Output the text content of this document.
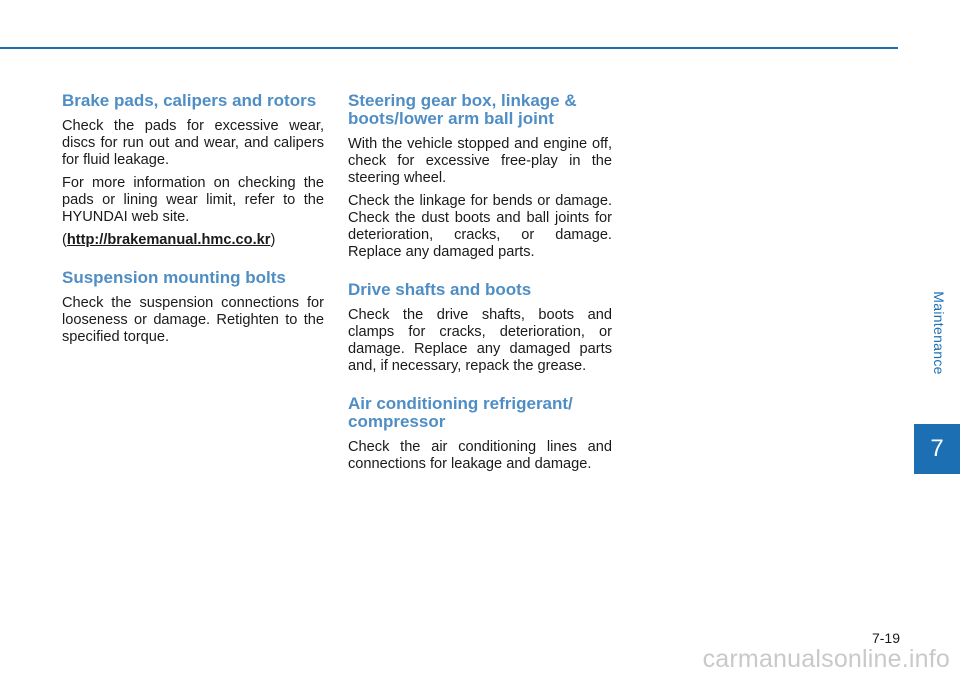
Brake pads, calipers and rotors

Check the pads for excessive wear, discs for run out and wear, and calipers for fluid leakage.

For more information on checking the pads or lining wear limit, refer to the HYUNDAI web site.

(http://brakemanual.hmc.co.kr)

Suspension mounting bolts

Check the suspension connections for looseness or damage. Retighten to the specified torque.

Steering gear box, linkage & boots/lower arm ball joint

With the vehicle stopped and engine off, check for excessive free-play in the steering wheel.

Check the linkage for bends or damage. Check the dust boots and ball joints for deterioration, cracks, or damage. Replace any damaged parts.

Drive shafts and boots

Check the drive shafts, boots and clamps for cracks, deterioration, or damage. Replace any damaged parts and, if necessary, repack the grease.

Air conditioning refrigerant/ compressor

Check the air conditioning lines and connections for leakage and damage.

Maintenance
7
7-19
carmanualsonline.info
